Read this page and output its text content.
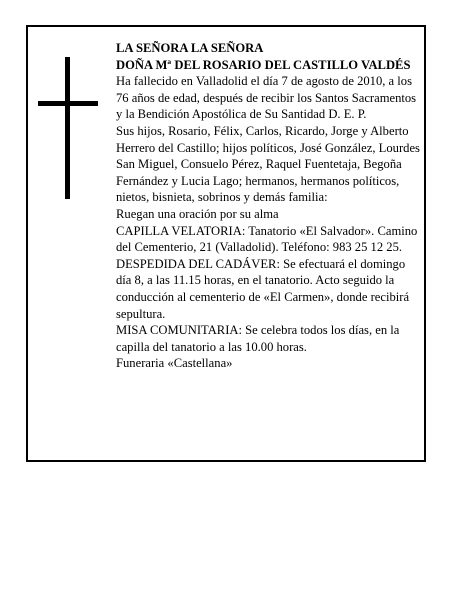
LA SEÑORA LA SEÑORA

DOÑA Mª DEL ROSARIO DEL CASTILLO VALDÉS

Ha fallecido en Valladolid el día 7 de agosto de 2010, a los 76 años de edad, después de recibir los Santos Sacramentos y la Bendición Apostólica de Su Santidad D. E. P.

Sus hijos, Rosario, Félix, Carlos, Ricardo, Jorge y Alberto Herrero del Castillo; hijos políticos, José González, Lourdes San Miguel, Consuelo Pérez, Raquel Fuentetaja, Begoña Fernández y Lucia Lago; hermanos, hermanos políticos, nietos, bisnieta, sobrinos y demás familia:

Ruegan una oración por su alma

CAPILLA VELATORIA: Tanatorio «El Salvador». Camino del Cementerio, 21 (Valladolid). Teléfono: 983 25 12 25.

DESPEDIDA DEL CADÁVER: Se efectuará el domingo día 8, a las 11.15 horas, en el tanatorio. Acto seguido la conducción al cementerio de «El Carmen», donde recibirá sepultura.

MISA COMUNITARIA: Se celebra todos los días, en la capilla del tanatorio a las 10.00 horas.

Funeraria «Castellana»
